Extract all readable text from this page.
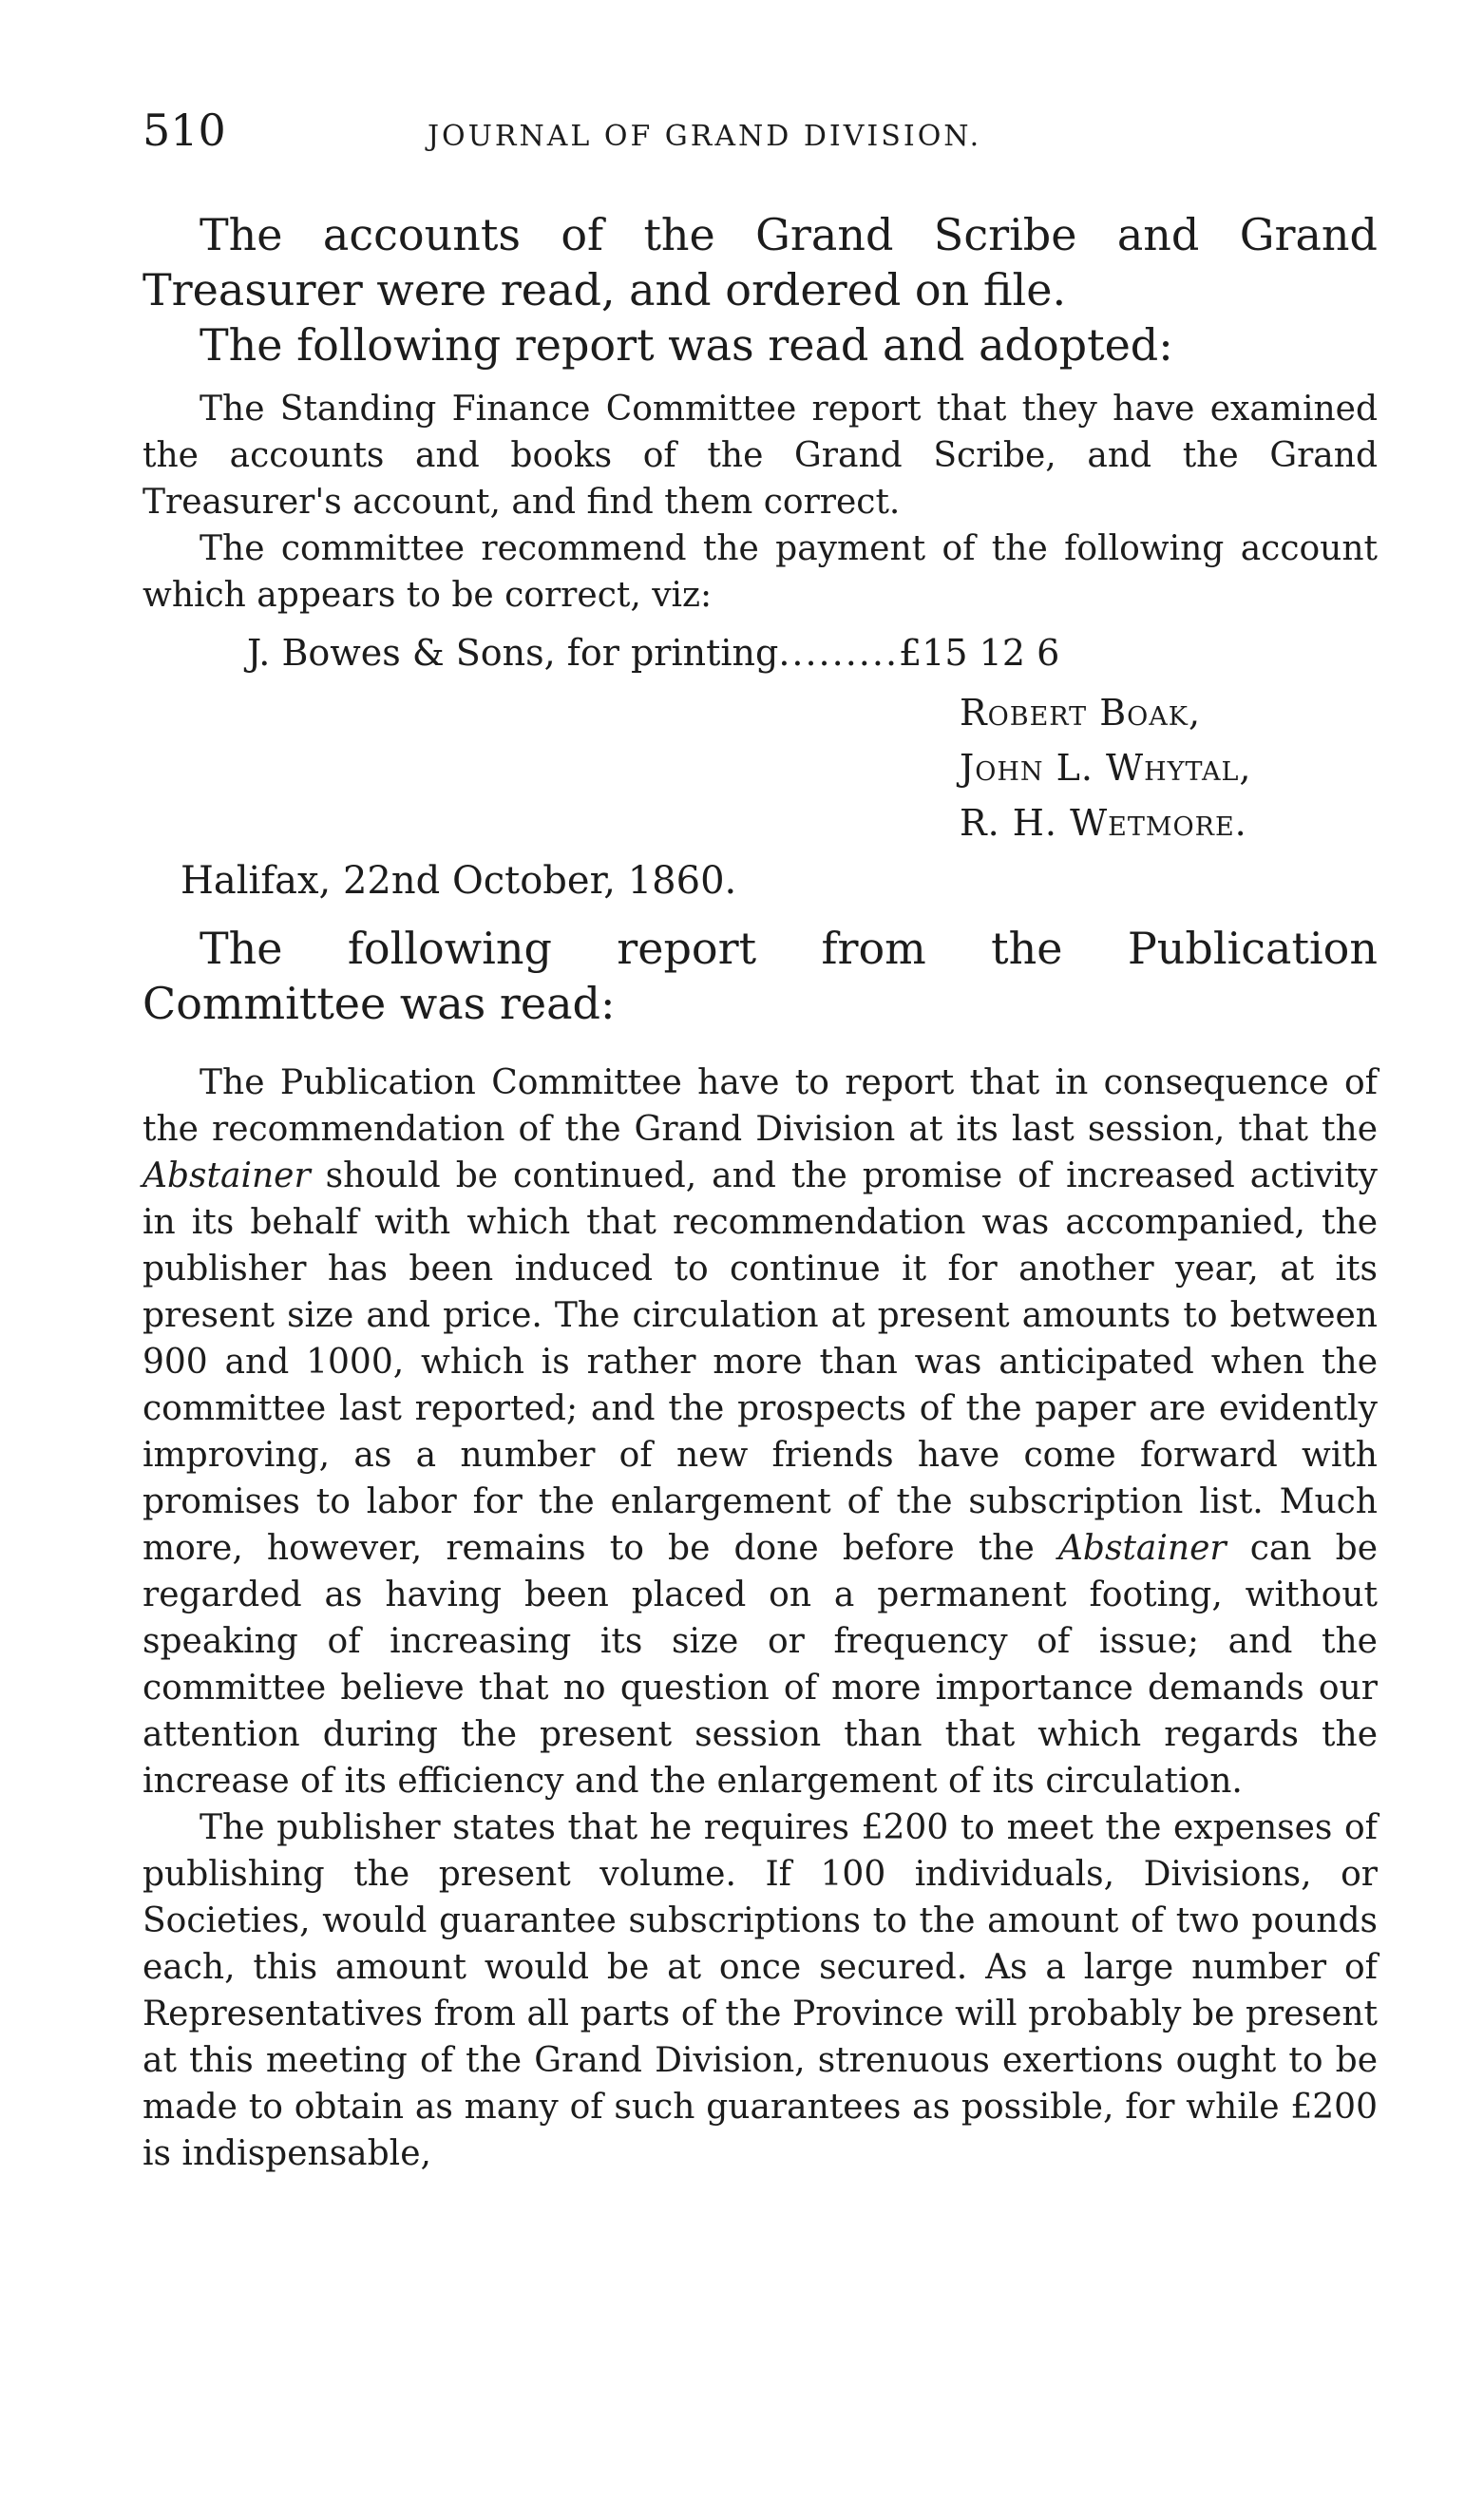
510	JOURNAL OF GRAND DIVISION.

The accounts of the Grand Scribe and Grand Treasurer were read, and ordered on file.

The following report was read and adopted:

The Standing Finance Committee report that they have examined the accounts and books of the Grand Scribe, and the Grand Treasurer's account, and find them correct.

The committee recommend the payment of the following account which appears to be correct, viz:

J. Bowes & Sons, for printing.........£15 12 6
Robert Boak,
John L. Whytal,
R. H. Wetmore.
Halifax, 22nd October, 1860.

The following report from the Publication Committee was read:

The Publication Committee have to report that in consequence of the recommendation of the Grand Division at its last session, that the Abstainer should be continued, and the promise of increased activity in its behalf with which that recommendation was accompanied, the publisher has been induced to continue it for another year, at its present size and price. The circulation at present amounts to between 900 and 1000, which is rather more than was anticipated when the committee last reported; and the prospects of the paper are evidently improving, as a number of new friends have come forward with promises to labor for the enlargement of the subscription list. Much more, however, remains to be done before the Abstainer can be regarded as having been placed on a permanent footing, without speaking of increasing its size or frequency of issue; and the committee believe that no question of more importance demands our attention during the present session than that which regards the increase of its efficiency and the enlargement of its circulation.

The publisher states that he requires £200 to meet the expenses of publishing the present volume. If 100 individuals, Divisions, or Societies, would guarantee subscriptions to the amount of two pounds each, this amount would be at once secured. As a large number of Representatives from all parts of the Province will probably be present at this meeting of the Grand Division, strenuous exertions ought to be made to obtain as many of such guarantees as possible, for while £200 is indispensable,
